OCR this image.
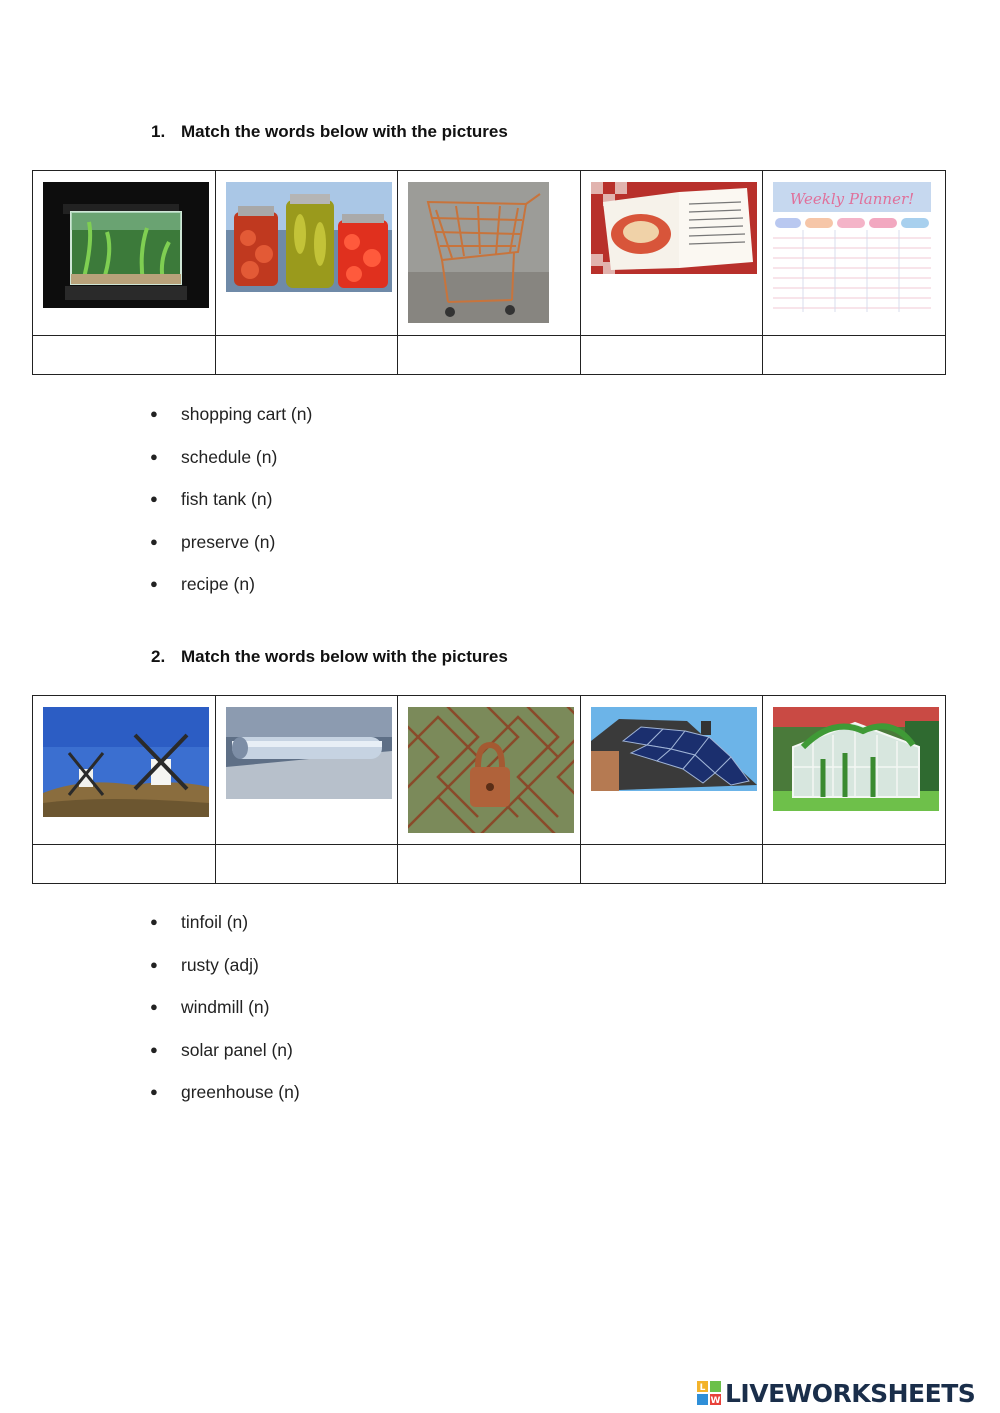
1. Match the words below with the pictures

Weekly Planner!

● shopping cart (n)
● schedule (n)
● fish tank (n)
● preserve (n)
● recipe (n)
2. Match the words below with the pictures

● tinfoil (n)
● rusty (adj)
● windmill (n)
● solar panel (n)
● greenhouse (n)
L
W LIVEWORKSHEETS
